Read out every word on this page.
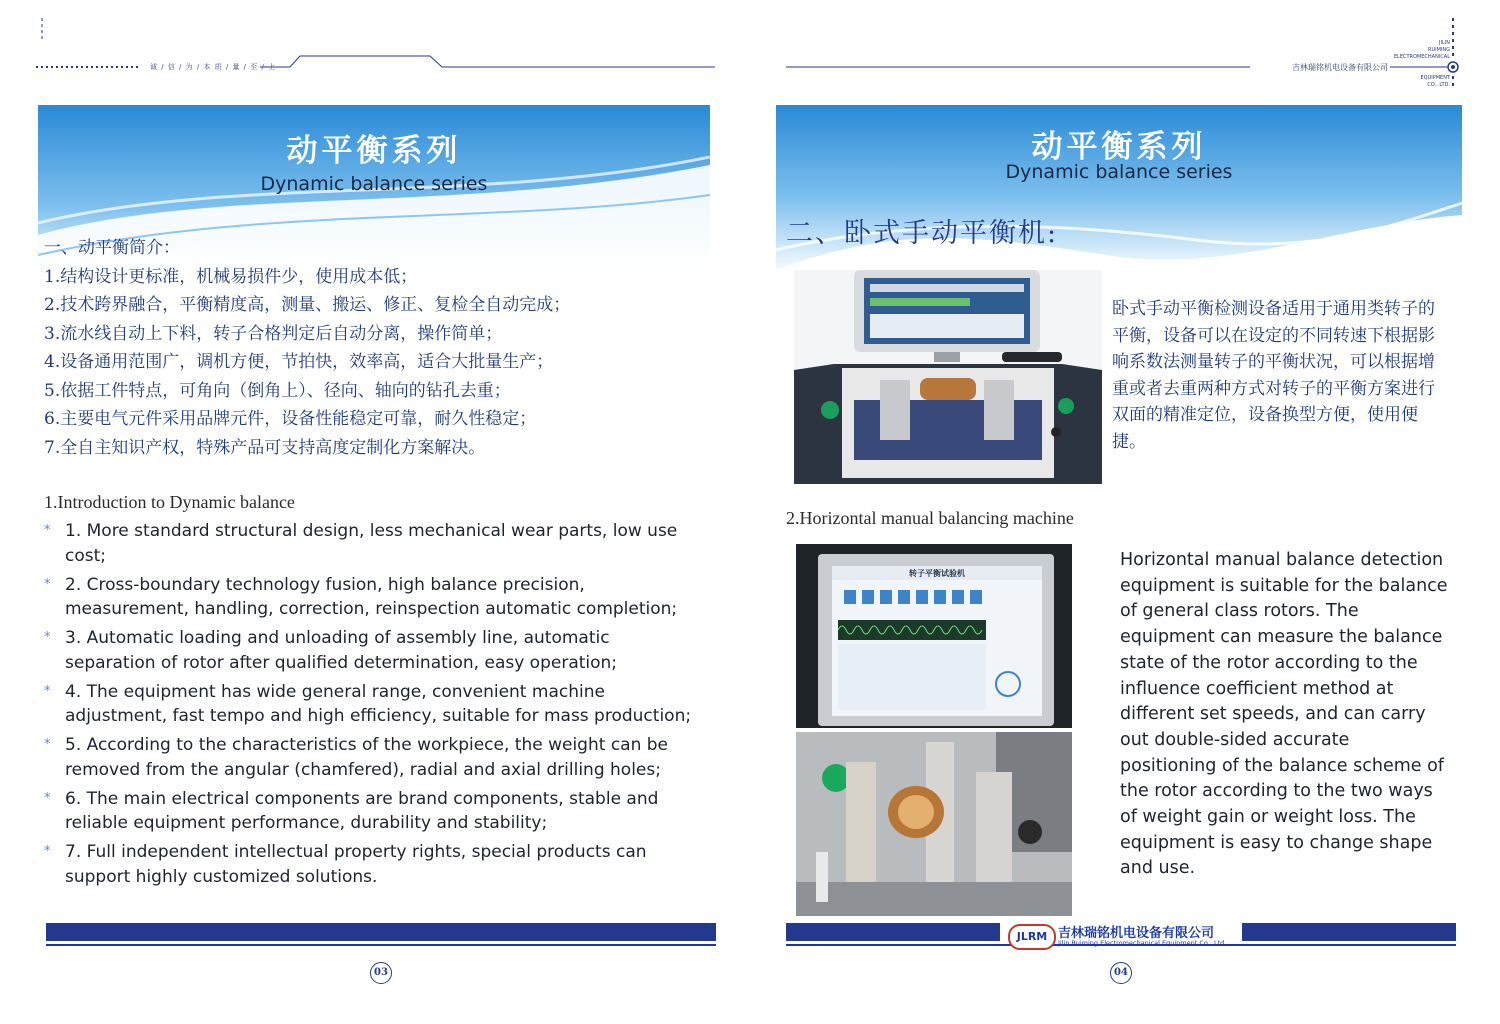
诚 / 信 / 为 / 本 质 / 量 / 至 / 上
动平衡系列
Dynamic balance series
一、动平衡简介：
1.结构设计更标准，机械易损件少，使用成本低；
2.技术跨界融合，平衡精度高，测量、搬运、修正、复检全自动完成；
3.流水线自动上下料，转子合格判定后自动分离，操作简单；
4.设备通用范围广，调机方便，节拍快，效率高，适合大批量生产；
5.依据工件特点，可角向（倒角上）、径向、轴向的钻孔去重；
6.主要电气元件采用品牌元件，设备性能稳定可靠，耐久性稳定；
7.全自主知识产权，特殊产品可支持高度定制化方案解决。
1.Introduction to Dynamic balance
* 1. More standard structural design, less mechanical wear parts, low use cost;
* 2. Cross-boundary technology fusion, high balance precision, measurement, handling, correction, reinspection automatic completion;
* 3. Automatic loading and unloading of assembly line, automatic separation of rotor after qualified determination, easy operation;
* 4. The equipment has wide general range, convenient machine adjustment, fast tempo and high efficiency, suitable for mass production;
* 5. According to the characteristics of the workpiece, the weight can be removed from the angular (chamfered), radial and axial drilling holes;
* 6. The main electrical components are brand components, stable and reliable equipment performance, durability and stability;
* 7. Full independent intellectual property rights, special products can support highly customized solutions.
03
吉林瑞铭机电设备有限公司
JILIN
RUIMING
ELECTROMECHANICAL
EQUIPMENT
CO., LTD.
动平衡系列
Dynamic balance series
二、卧式手动平衡机:
卧式手动平衡检测设备适用于通用类转子的平衡，设备可以在设定的不同转速下根据影响系数法测量转子的平衡状况，可以根据增重或者去重两种方式对转子的平衡方案进行双面的精准定位，设备换型方便，使用便捷。
2.Horizontal manual balancing machine
转子平衡试验机
Horizontal manual balance detection equipment is suitable for the balance of general class rotors. The equipment can measure the balance state of the rotor according to the influence coefficient method at different set speeds, and can carry out double-sided accurate positioning of the balance scheme of the rotor according to the two ways of weight gain or weight loss. The equipment is easy to change shape and use.
JLRM 吉林瑞铭机电设备有限公司
Jilin Ruiming Electromechanical Equipment Co., Ltd.
04
